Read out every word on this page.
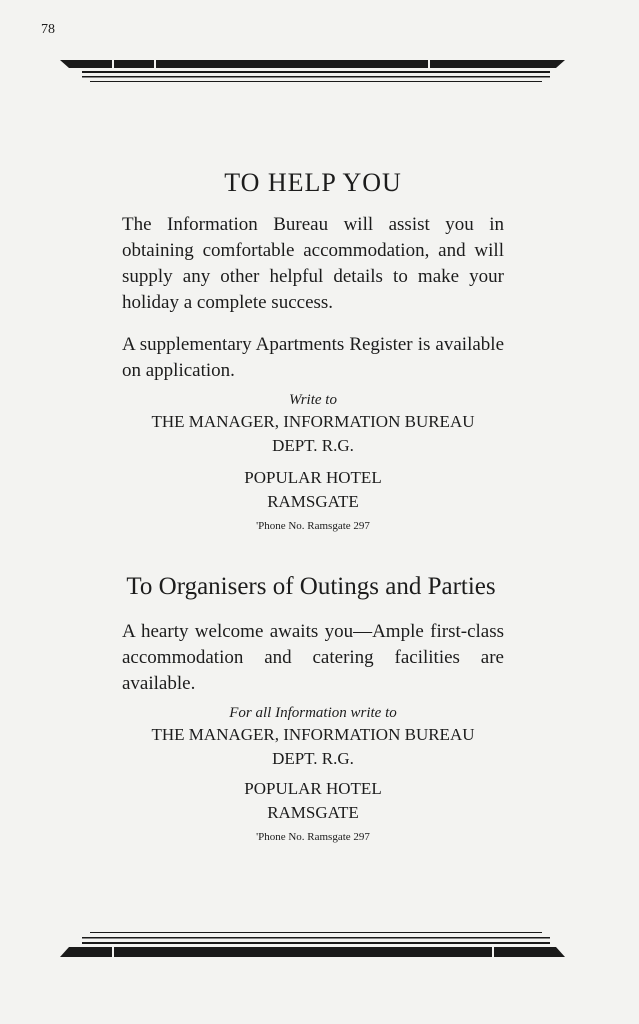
78
TO HELP YOU

The Information Bureau will assist you in obtaining comfortable accommodation, and will supply any other helpful details to make your holiday a complete success.

A supplementary Apartments Register is available on application.

Write to

THE MANAGER, INFORMATION BUREAU

DEPT. R.G.

POPULAR HOTEL

RAMSGATE

'Phone No. Ramsgate 297

To Organisers of Outings and Parties

A hearty welcome awaits you—Ample first-class accommodation and catering facilities are available.

For all Information write to

THE MANAGER, INFORMATION BUREAU

DEPT. R.G.

POPULAR HOTEL

RAMSGATE

'Phone No. Ramsgate 297
